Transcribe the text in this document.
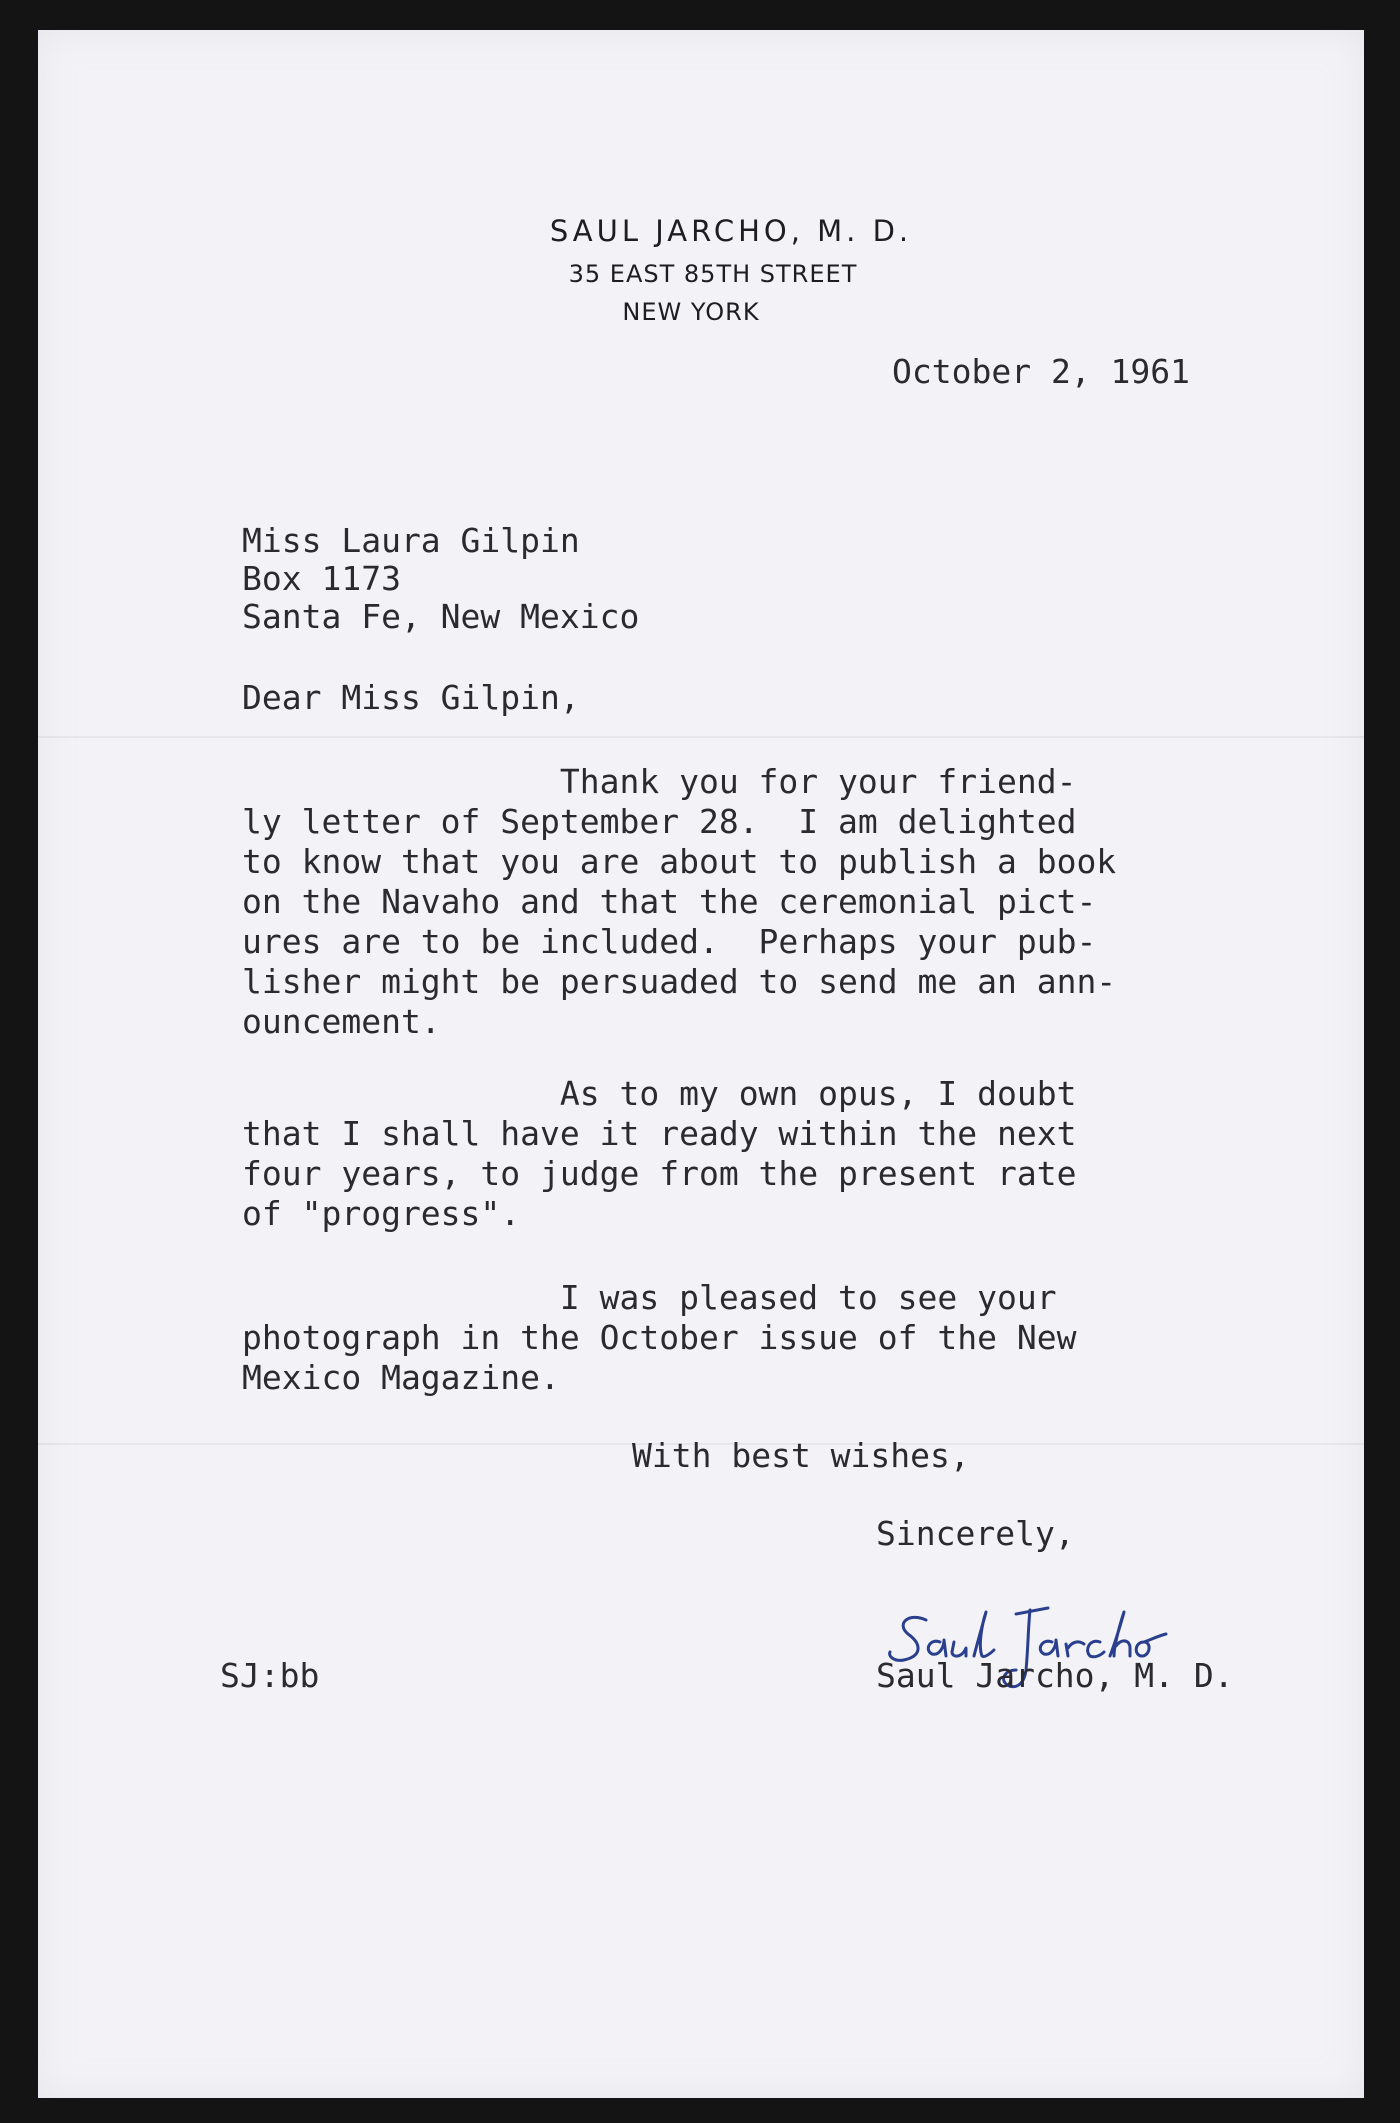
SAUL JARCHO, M. D.
35 EAST 85TH STREET
NEW YORK
October 2, 1961
Miss Laura Gilpin
Box 1173
Santa Fe, New Mexico
Dear Miss Gilpin,
Thank you for your friend-
ly letter of September 28.  I am delighted
to know that you are about to publish a book
on the Navaho and that the ceremonial pict-
ures are to be included.  Perhaps your pub-
lisher might be persuaded to send me an ann-
ouncement.
As to my own opus, I doubt
that I shall have it ready within the next
four years, to judge from the present rate
of "progress".
I was pleased to see your
photograph in the October issue of the New
Mexico Magazine.
With best wishes,
Sincerely,
SJ:bb	Saul Jarcho, M. D.
